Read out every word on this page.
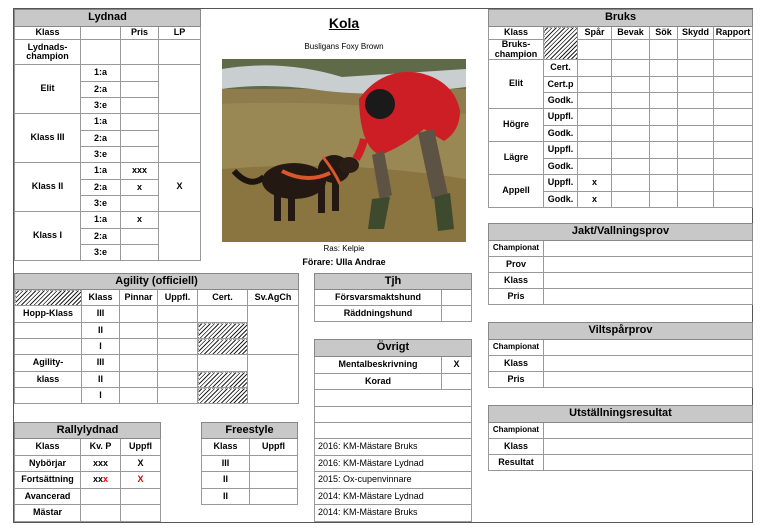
Lydnad			
Klass		Pris	LP
Lydnads-
champion			
Elit	1:a		
	2:a		
	3:e		
Klass III	1:a		
	2:a		
	3:e		
Klass II	1:a	xxx	X
	2:a	x	
	3:e		
Klass I	1:a	x	
	2:a		
	3:e		
Kola
Busligans Foxy Brown
Ras: Kelpie
Förare: Ulla Andrae
Bruks						
Klass		Spår	Bevak	Sök	Skydd	Rapport
Bruks-
champion						
Elit	Cert.					
	Cert.p					
	Godk.					
Högre	Uppfl.					
	Godk.					
Lägre	Uppfl.					
	Godk.					
Appell	Uppfl.	x				
	Godk.	x				
Jakt/Vallningsprov	
Championat	
Prov	
Klass	
Pris	
Viltspårprov	
Championat	
Klass	
Pris	
Utställningsresultat	
Championat	
Klass	
Resultat	
Agility (officiell)					
	Klass	Pinnar	Uppfl.	Cert.	Sv.AgCh
Hopp-Klass	III				
	II				
	I				
Agility-	III				
klass	II				
	I				
Tjh	
Försvarsmaktshund	
Räddningshund	
Övrigt	
Mentalbeskrivning	X
Korad	

2016: KM-Mästare Bruks	
2016: KM-Mästare Lydnad	
2015: Ox-cupenvinnare	
2014: KM-Mästare Lydnad	
2014: KM-Mästare Bruks	
Rallylydnad		
Klass	Kv. P	Uppfl
Nybörjar	xxx	X
Fortsättning	xxx	X
Avancerad		
Mästar		
Freestyle	
Klass	Uppfl
III	
II	
II	
